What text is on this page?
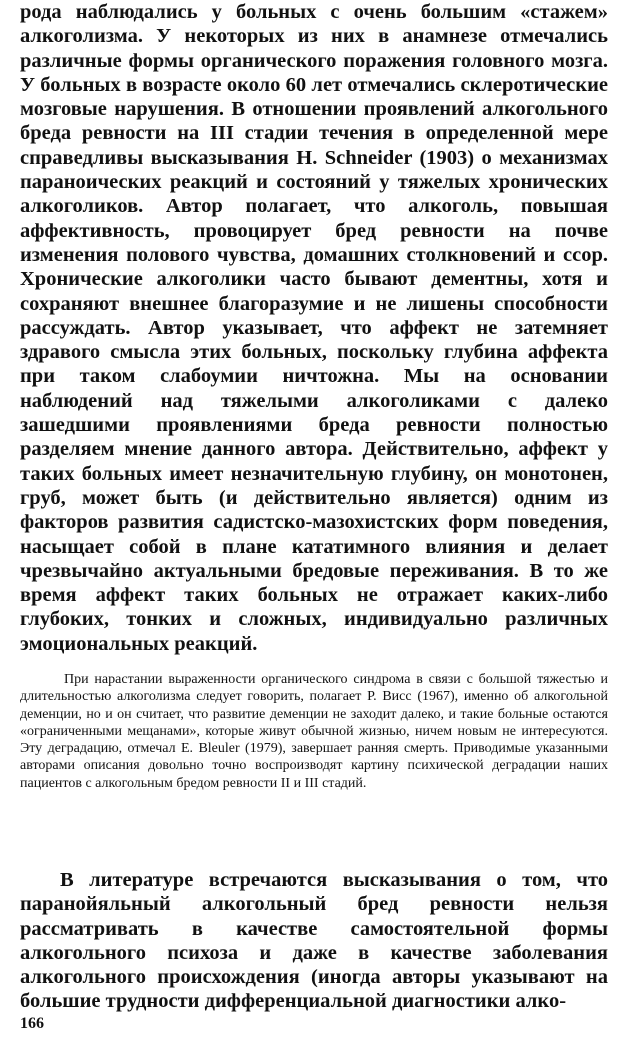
рода наблюдались у больных с очень большим «стажем» алкоголизма. У некоторых из них в анамнезе отмечались различные формы органического поражения головного мозга. У больных в возрасте около 60 лет отмечались склеротические мозговые нарушения. В отношении проявлений алкогольного бреда ревности на III стадии течения в определенной мере справедливы высказывания H. Schneider (1903) о механизмах параноических реакций и состояний у тяжелых хронических алкоголиков. Автор полагает, что алкоголь, повышая аффективность, провоцирует бред ревности на почве изменения полового чувства, домашних столкновений и ссор. Хронические алкоголики часто бывают дементны, хотя и сохраняют внешнее благоразумие и не лишены способности рассуждать. Автор указывает, что аффект не затемняет здравого смысла этих больных, поскольку глубина аффекта при таком слабоумии ничтожна. Мы на основании наблюдений над тяжелыми алкоголиками с далеко зашедшими проявлениями бреда ревности полностью разделяем мнение данного автора. Действительно, аффект у таких больных имеет незначительную глубину, он монотонен, груб, может быть (и действительно является) одним из факторов развития садистско-мазохистских форм поведения, насыщает собой в плане кататимного влияния и делает чрезвычайно актуальными бредовые переживания. В то же время аффект таких больных не отражает каких-либо глубоких, тонких и сложных, индивидуально различных эмоциональных реакций.

При нарастании выраженности органического синдрома в связи с большой тяжестью и длительностью алкоголизма следует говорить, полагает Р. Висс (1967), именно об алкогольной деменции, но и он считает, что развитие деменции не заходит далеко, и такие больные остаются «ограниченными мещанами», которые живут обычной жизнью, ничем новым не интересуются. Эту деградацию, отмечал E. Bleuler (1979), завершает ранняя смерть. Приводимые указанными авторами описания довольно точно воспроизводят картину психической деградации наших пациентов с алкогольным бредом ревности II и III стадий.

В литературе встречаются высказывания о том, что паранойяльный алкогольный бред ревности нельзя рассматривать в качестве самостоятельной формы алкогольного психоза и даже в качестве заболевания алкогольного происхождения (иногда авторы указывают на большие трудности дифференциальной диагностики алко-

166
